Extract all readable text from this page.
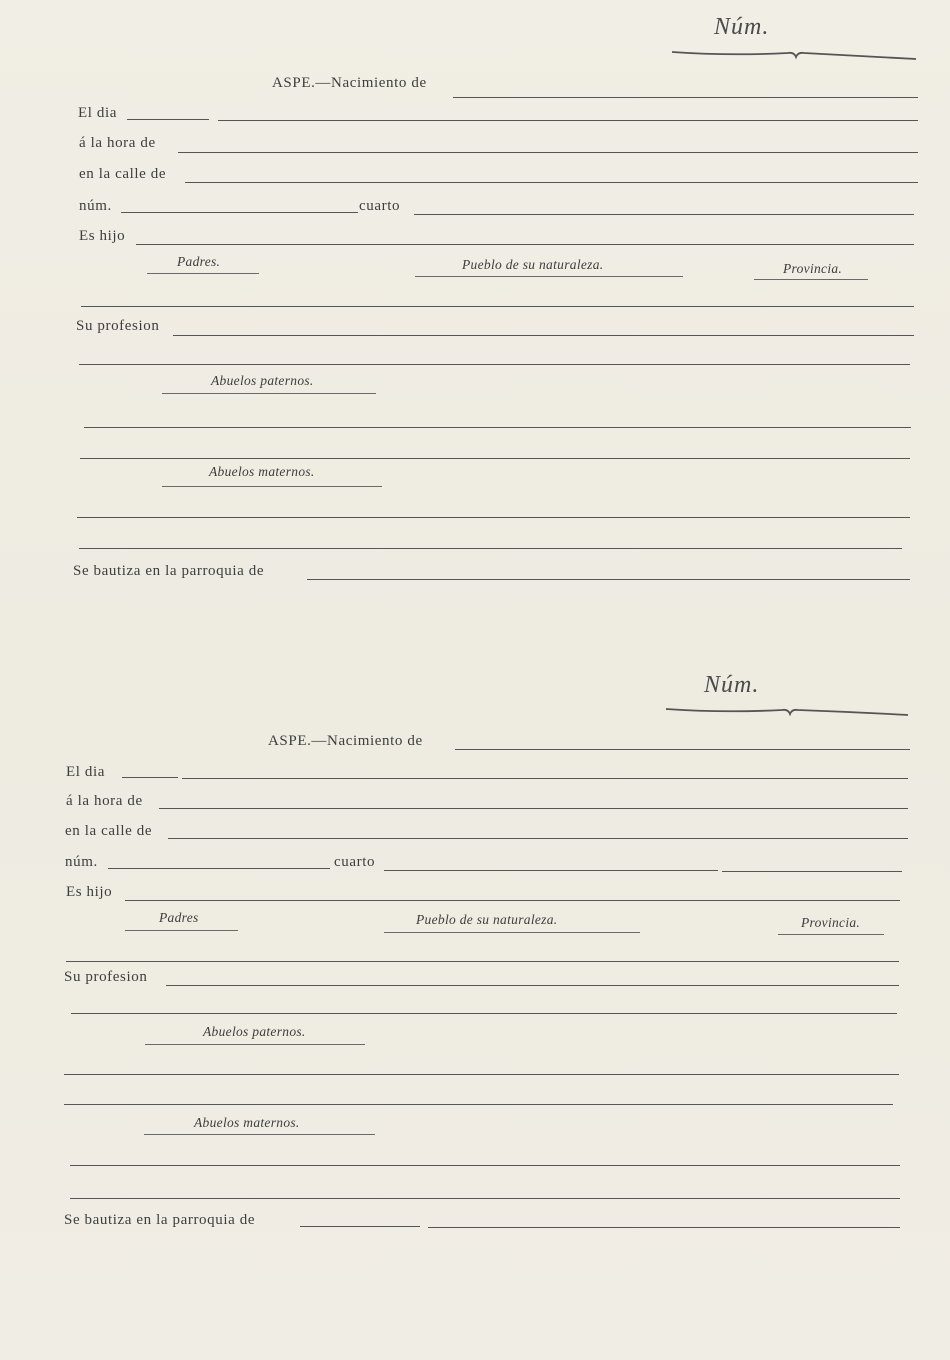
Núm.
ASPE.—Nacimiento de
El dia
á la hora de
en la calle de
núm.	cuarto
Es hijo
Padres.	Pueblo de su naturaleza.	Provincia.
Su profesion
Abuelos paternos.
Abuelos maternos.
Se bautiza en la parroquia de
Núm.
ASPE.—Nacimiento de
El dia
á la hora de
en la calle de
núm.	cuarto
Es hijo
Padres	Pueblo de su naturaleza.	Provincia.
Su profesion
Abuelos paternos.
Abuelos maternos.
Se bautiza en la parroquia de
